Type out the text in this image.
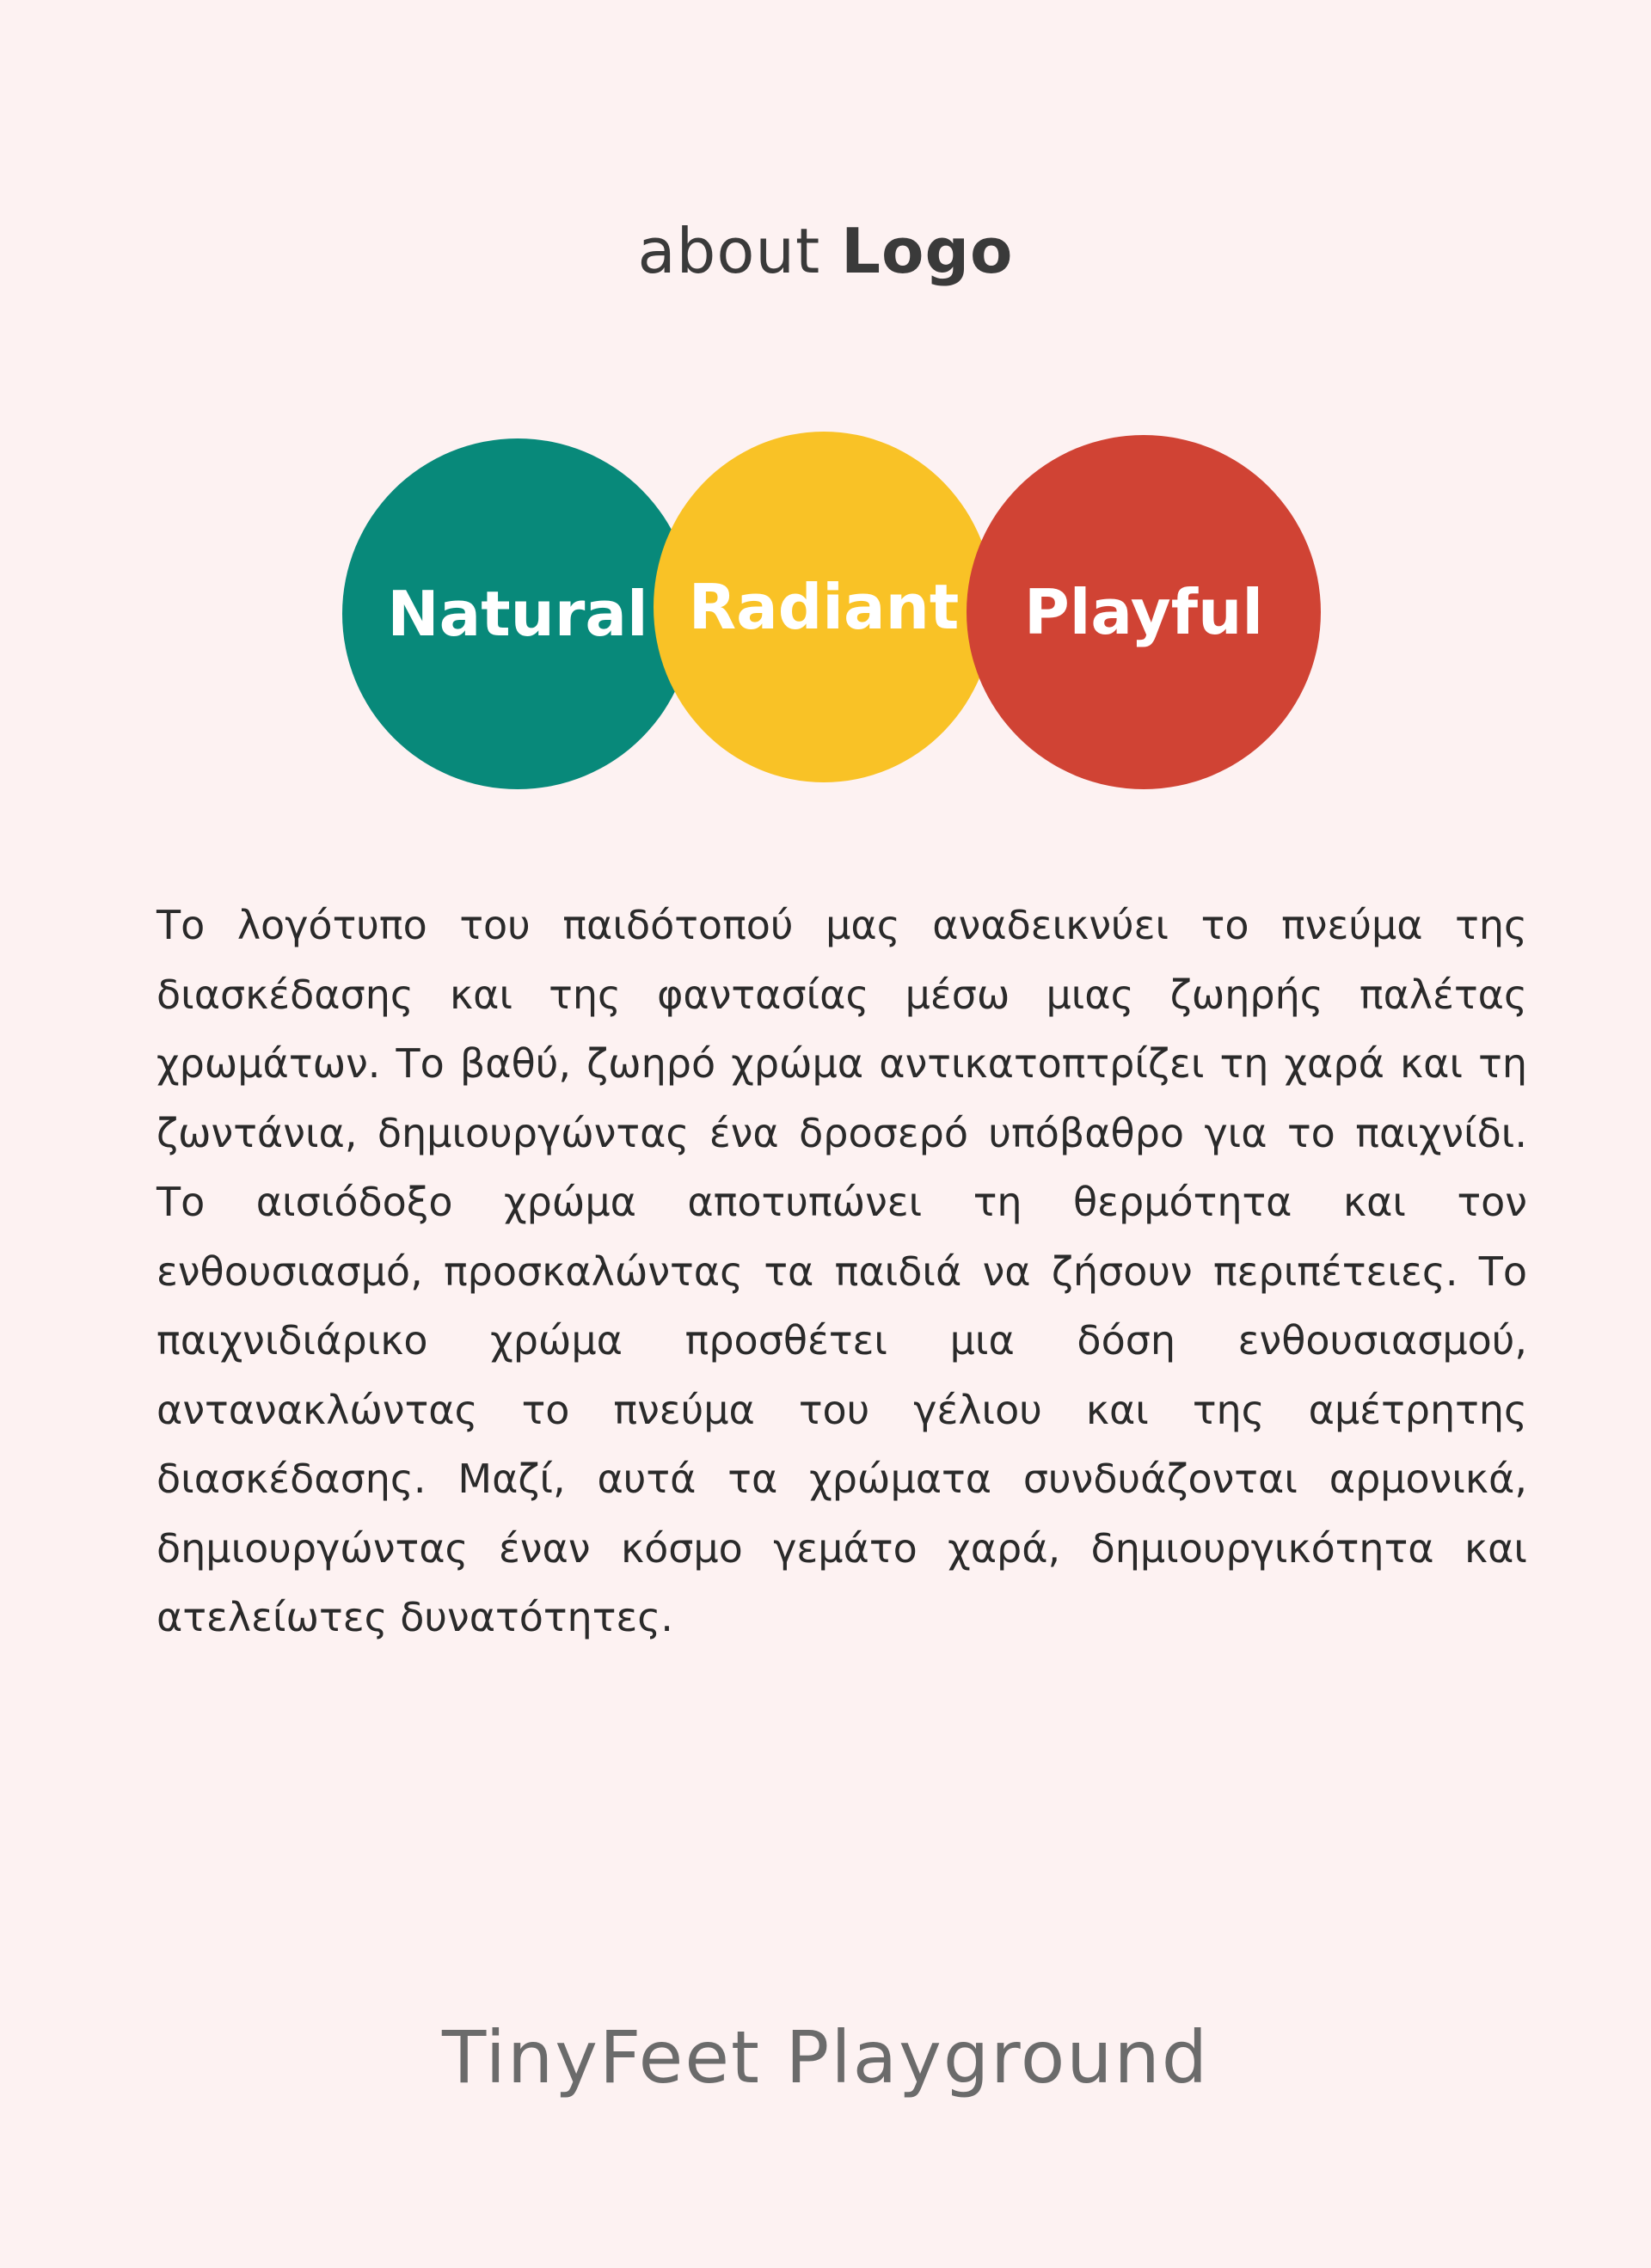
about Logo
Natural Radiant Playful

Το λογότυπο του παιδότοπού μας αναδεικνύει το πνεύμα της διασκέδασης και της φαντασίας μέσω μιας ζωηρής παλέτας χρωμάτων. Το βαθύ, ζωηρό χρώμα αντικατοπτρίζει τη χαρά και τη ζωντάνια, δημιουργώντας ένα δροσερό υπόβαθρο για το παιχνίδι. Το αισιόδοξο χρώμα αποτυπώνει τη θερμότητα και τον ενθουσιασμό, προσκαλώντας τα παιδιά να ζήσουν περιπέτειες. Το παιχνιδιάρικο χρώμα προσθέτει μια δόση ενθουσιασμού, αντανακλώντας το πνεύμα του γέλιου και της αμέτρητης διασκέδασης. Μαζί, αυτά τα χρώματα συνδυάζονται αρμονικά, δημιουργώντας έναν κόσμο γεμάτο χαρά, δημιουργικότητα και ατελείωτες δυνατότητες.

TinyFeet Playground
